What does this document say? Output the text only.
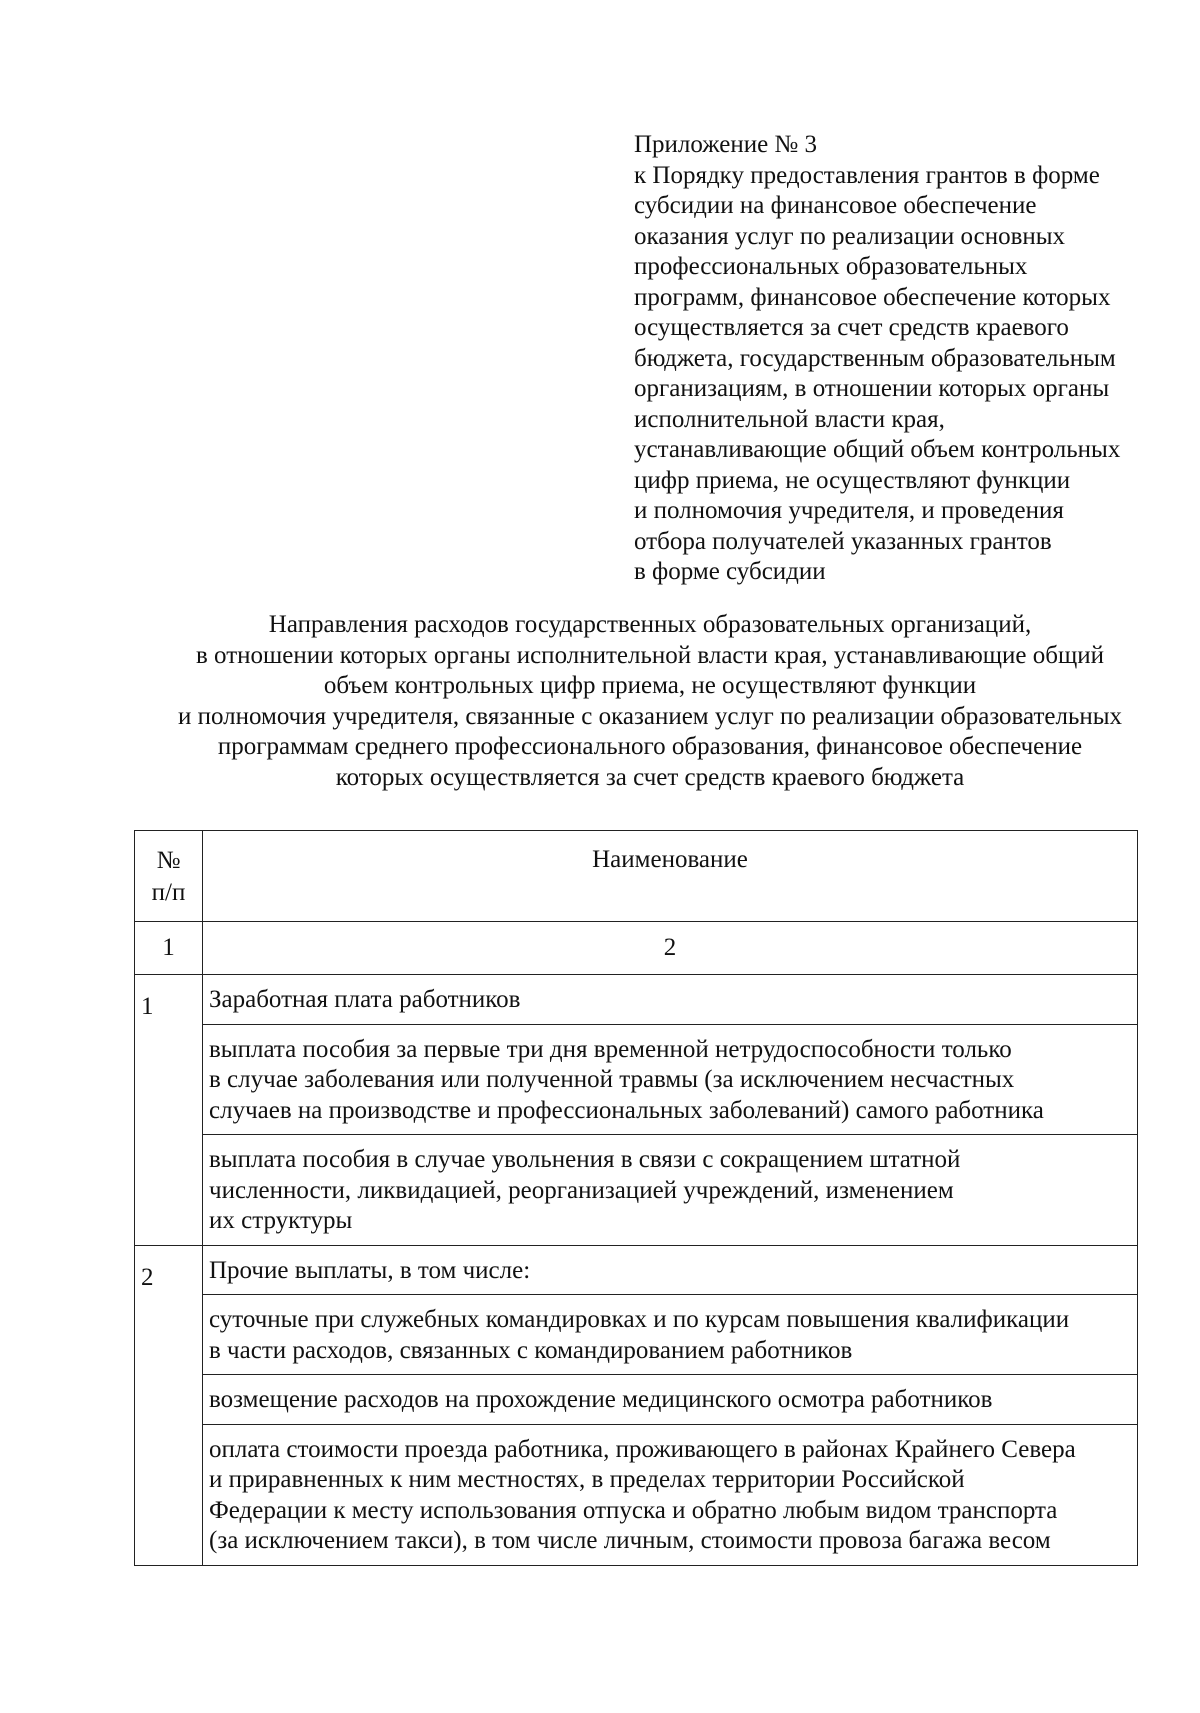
Приложение № 3
к Порядку предоставления грантов в форме
субсидии на финансовое обеспечение
оказания услуг по реализации основных
профессиональных образовательных
программ, финансовое обеспечение которых
осуществляется за счет средств краевого
бюджета, государственным образовательным
организациям, в отношении которых органы
исполнительной власти края,
устанавливающие общий объем контрольных
цифр приема, не осуществляют функции
и полномочия учредителя, и проведения
отбора получателей указанных грантов
в форме субсидии
Направления расходов государственных образовательных организаций,
в отношении которых органы исполнительной власти края, устанавливающие общий
объем контрольных цифр приема, не осуществляют функции
и полномочия учредителя, связанные с оказанием услуг по реализации образовательных
программам среднего профессионального образования, финансовое обеспечение
которых осуществляется за счет средств краевого бюджета
№
п/п	Наименование
1	2
1	Заработная плата работников

	выплата пособия за первые три дня временной нетрудоспособности только
в случае заболевания или полученной травмы (за исключением несчастных
случаев на производстве и профессиональных заболеваний) самого работника

	выплата пособия в случае увольнения в связи с сокращением штатной
численности, ликвидацией, реорганизацией учреждений, изменением
их структуры

2	Прочие выплаты, в том числе:

	суточные при служебных командировках и по курсам повышения квалификации
в части расходов, связанных с командированием работников

	возмещение расходов на прохождение медицинского осмотра работников

	оплата стоимости проезда работника, проживающего в районах Крайнего Севера
и приравненных к ним местностях, в пределах территории Российской
Федерации к месту использования отпуска и обратно любым видом транспорта
(за исключением такси), в том числе личным, стоимости провоза багажа весом
